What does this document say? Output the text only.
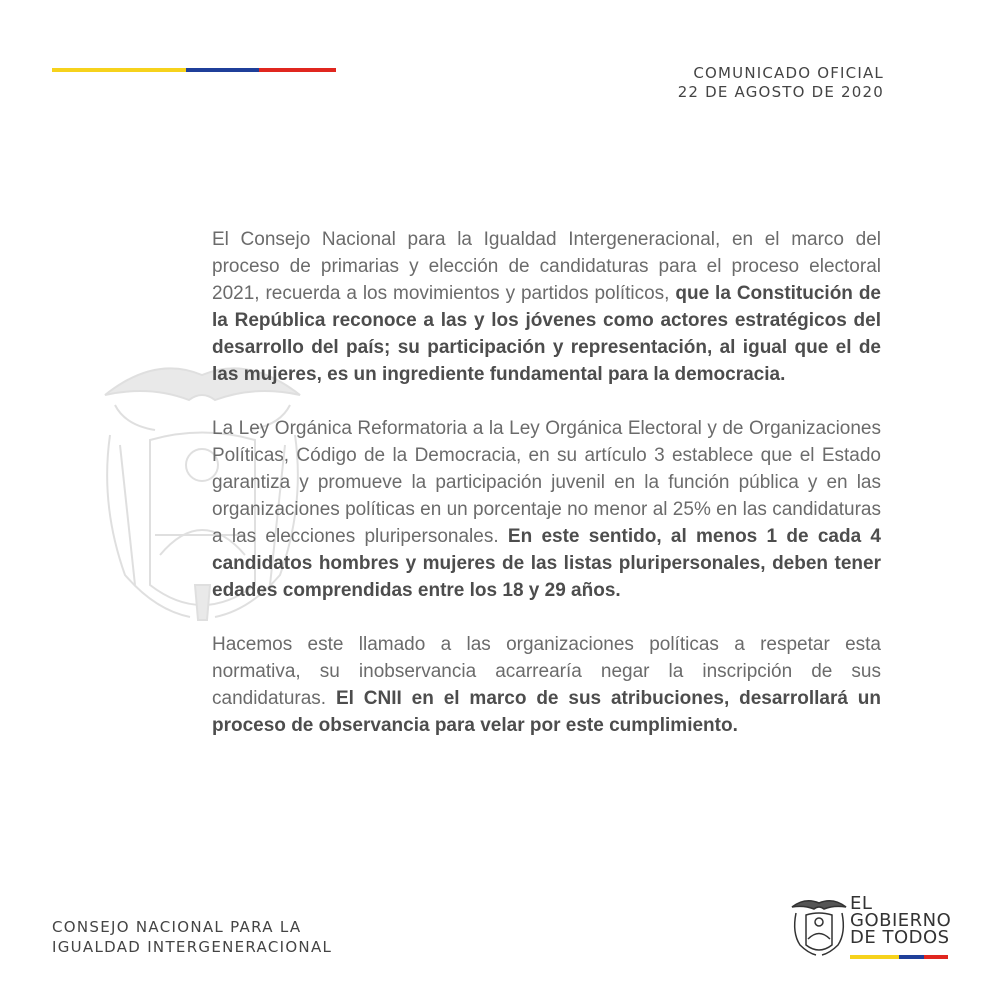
COMUNICADO OFICIAL
22 DE AGOSTO DE 2020

El Consejo Nacional para la Igualdad Intergeneracional, en el marco del proceso de primarias y elección de candidaturas para el proceso electoral 2021, recuerda a los movimientos y partidos políticos, que la Constitución de la República reconoce a las y los jóvenes como actores estratégicos del desarrollo del país; su participación y representación, al igual que el de las mujeres, es un ingrediente fundamental para la democracia.

La Ley Orgánica Reformatoria a la Ley Orgánica Electoral y de Organizaciones Políticas, Código de la Democracia, en su artículo 3 establece que el Estado garantiza y promueve la participación juvenil en la función pública y en las organizaciones políticas en un porcentaje no menor al 25% en las candidaturas a las elecciones pluripersonales. En este sentido, al menos 1 de cada 4 candidatos hombres y mujeres de las listas pluripersonales, deben tener edades comprendidas entre los 18 y 29 años.

Hacemos este llamado a las organizaciones políticas a respetar esta normativa, su inobservancia acarrearía negar la inscripción de sus candidaturas. El CNII en el marco de sus atribuciones, desarrollará un proceso de observancia para velar por este cumplimiento.

CONSEJO NACIONAL PARA LA
IGUALDAD INTERGENERACIONAL
EL
GOBIERNO
DE TODOS
